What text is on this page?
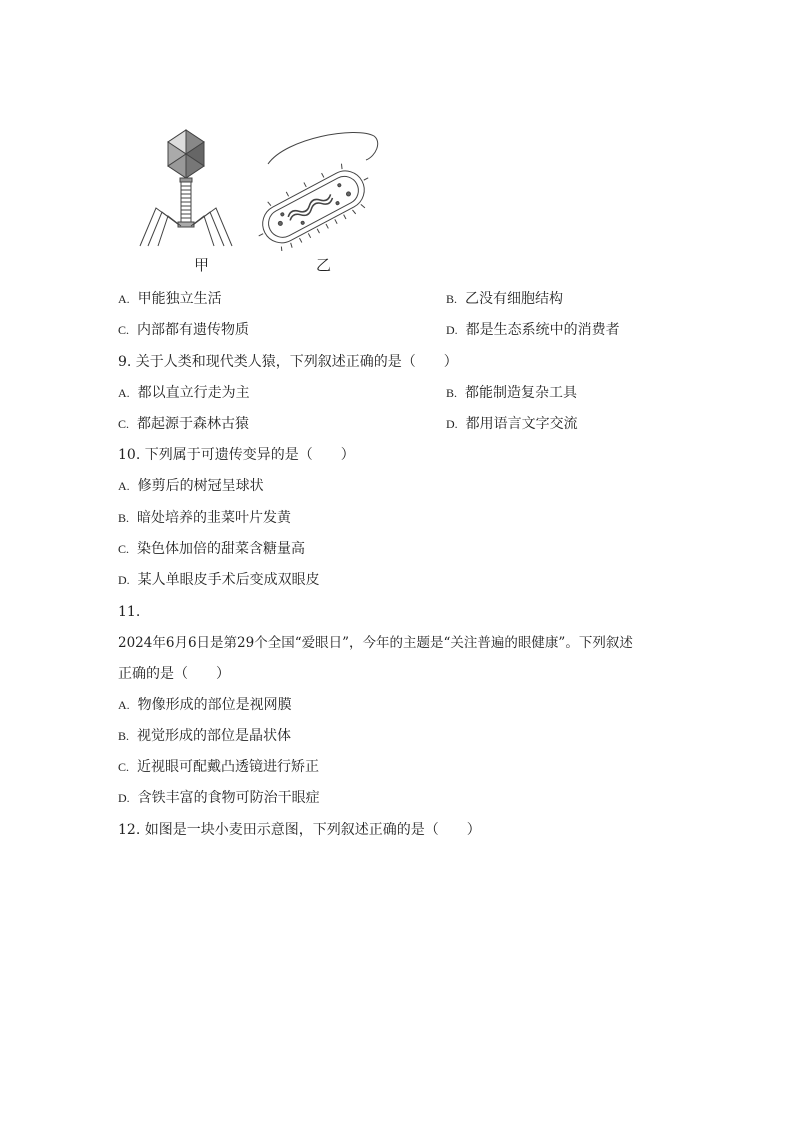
甲	乙
A. 甲能独立生活	B. 乙没有细胞结构
C. 内部都有遗传物质	D. 都是生态系统中的消费者
9. 关于人类和现代类人猿，下列叙述正确的是（　　）
A. 都以直立行走为主	B. 都能制造复杂工具
C. 都起源于森林古猿	D. 都用语言文字交流
10. 下列属于可遗传变异的是（　　）
A. 修剪后的树冠呈球状
B. 暗处培养的韭菜叶片发黄
C. 染色体加倍的甜菜含糖量高
D. 某人单眼皮手术后变成双眼皮
11.
2024年6月6日是第29个全国“爱眼日”，今年的主题是“关注普遍的眼健康”。下列叙述
正确的是（　　）
A. 物像形成的部位是视网膜
B. 视觉形成的部位是晶状体
C. 近视眼可配戴凸透镜进行矫正
D. 含铁丰富的食物可防治干眼症
12. 如图是一块小麦田示意图，下列叙述正确的是（　　）
